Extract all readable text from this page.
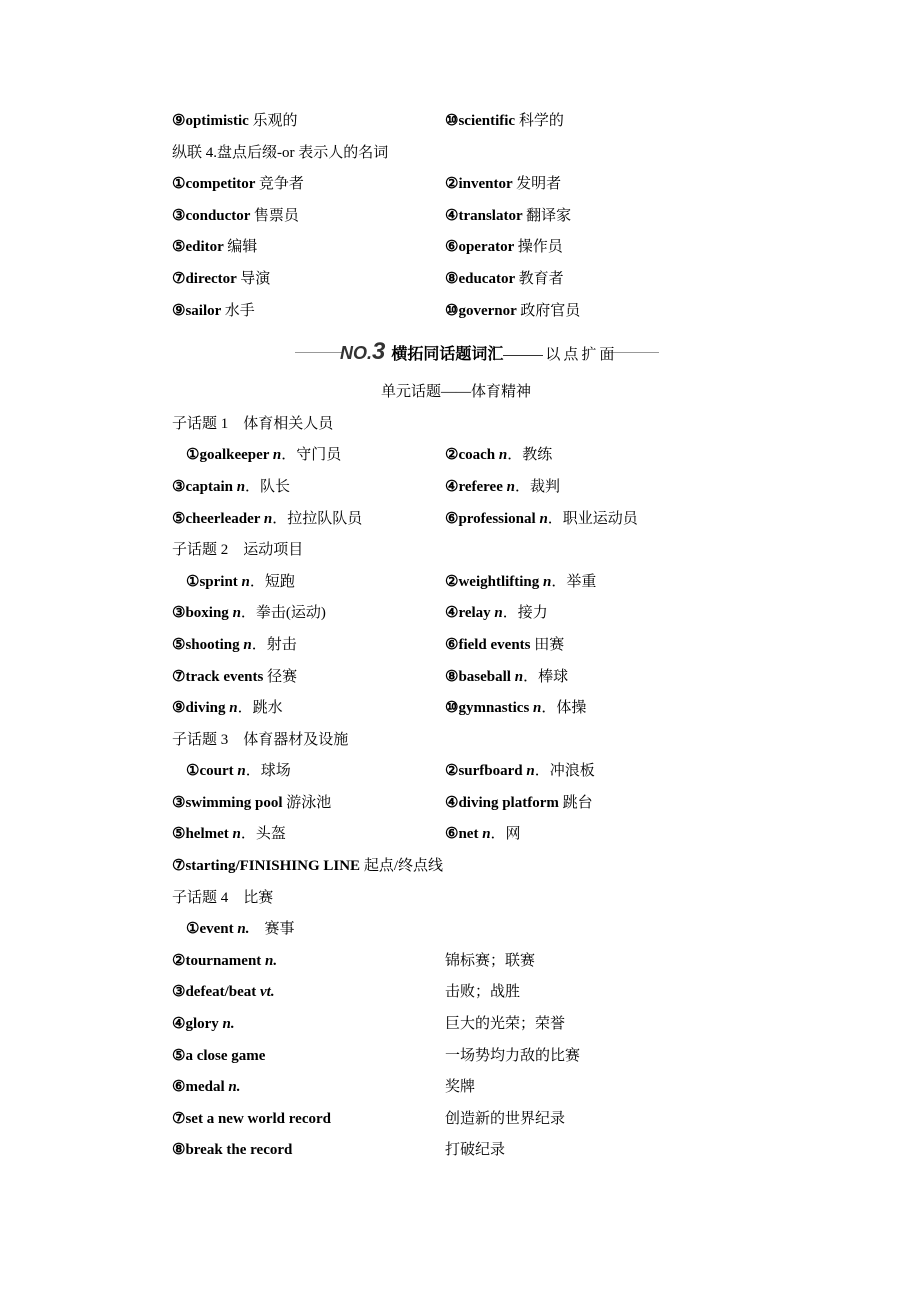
⑨optimistic 乐观的	⑩scientific 科学的
纵联 4.盘点后缀-or 表示人的名词
①competitor 竞争者	②inventor 发明者
③conductor 售票员	④translator 翻译家
⑤editor 编辑	⑥operator 操作员
⑦director 导演	⑧educator 教育者
⑨sailor 水手	⑩governor 政府官员
NO.3 横拓同话题词汇	以点扩面
单元话题——体育精神
子话题 1　体育相关人员
①goalkeeper n．守门员	②coach n．教练
③captain n．队长	④referee n．裁判
⑤cheerleader n．拉拉队队员	⑥professional n．职业运动员
子话题 2　运动项目
①sprint n．短跑	②weightlifting n．举重
③boxing n．拳击(运动)	④relay n．接力
⑤shooting n．射击	⑥field events 田赛
⑦track events 径赛	⑧baseball n．棒球
⑨diving n．跳水	⑩gymnastics n．体操
子话题 3　体育器材及设施
①court n．球场	②surfboard n．冲浪板
③swimming pool 游泳池	④diving platform 跳台
⑤helmet n．头盔	⑥net n．网
⑦starting/FINISHING LINE 起点/终点线
子话题 4　比赛
①event n.　赛事
②tournament n.	锦标赛；联赛
③defeat/beat vt.	击败；战胜
④glory n.	巨大的光荣；荣誉
⑤a close game	一场势均力敌的比赛
⑥medal n.	奖牌
⑦set a new world record	创造新的世界纪录
⑧break the record	打破纪录
